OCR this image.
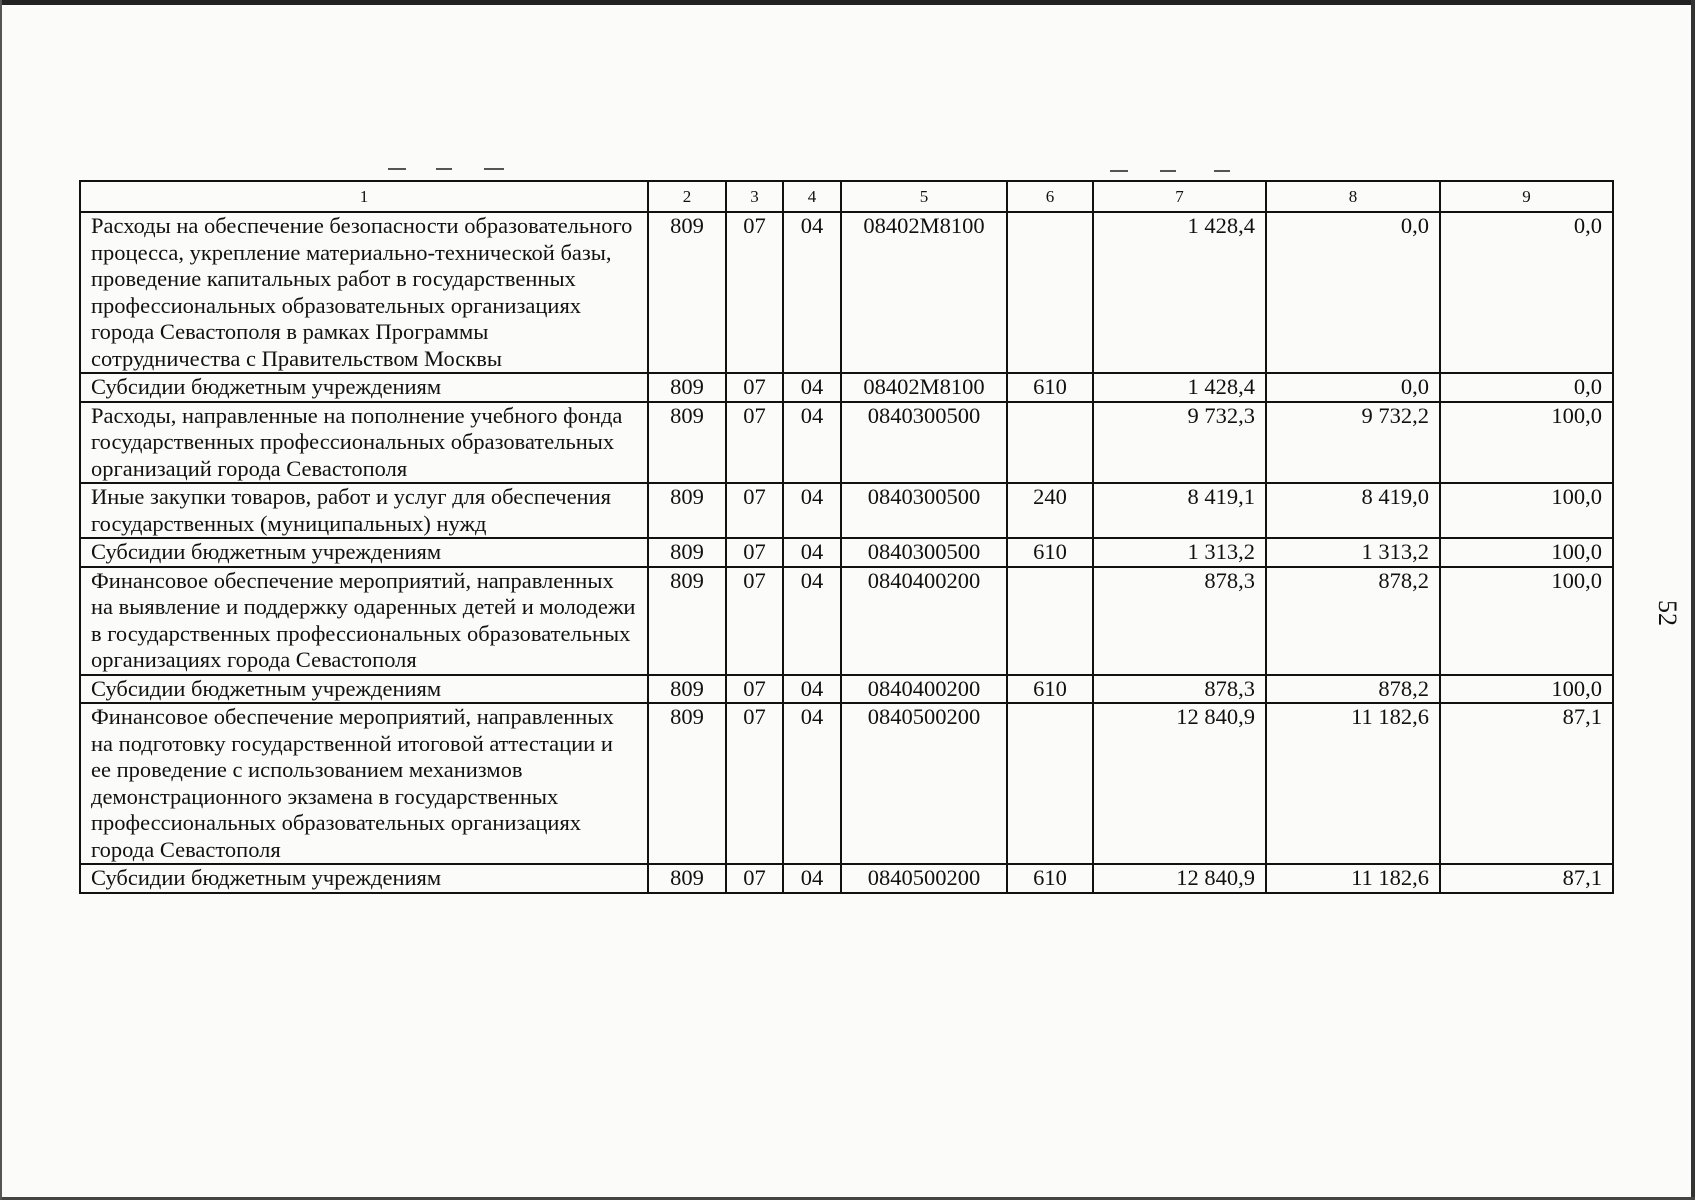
1	2	3	4	5	6	7	8	9
Расходы на обеспечение безопасности образовательного процесса, укрепление материально-технической базы, проведение капитальных работ в государственных профессиональных образовательных организациях города Севастополя в рамках Программы сотрудничества с Правительством Москвы	809	07	04	08402М8100		1 428,4	0,0	0,0
Субсидии бюджетным учреждениям	809	07	04	08402М8100	610	1 428,4	0,0	0,0
Расходы, направленные на пополнение учебного фонда государственных профессиональных образовательных организаций города Севастополя	809	07	04	0840300500		9 732,3	9 732,2	100,0
Иные закупки товаров, работ и услуг для обеспечения государственных (муниципальных) нужд	809	07	04	0840300500	240	8 419,1	8 419,0	100,0
Субсидии бюджетным учреждениям	809	07	04	0840300500	610	1 313,2	1 313,2	100,0
Финансовое обеспечение мероприятий, направленных на выявление и поддержку одаренных детей и молодежи в государственных профессиональных образовательных организациях города Севастополя	809	07	04	0840400200		878,3	878,2	100,0
Субсидии бюджетным учреждениям	809	07	04	0840400200	610	878,3	878,2	100,0
Финансовое обеспечение мероприятий, направленных на подготовку государственной итоговой аттестации и ее проведение с использованием механизмов демонстрационного экзамена в государственных профессиональных образовательных организациях города Севастополя	809	07	04	0840500200		12 840,9	11 182,6	87,1
Субсидии бюджетным учреждениям	809	07	04	0840500200	610	12 840,9	11 182,6	87,1
52
